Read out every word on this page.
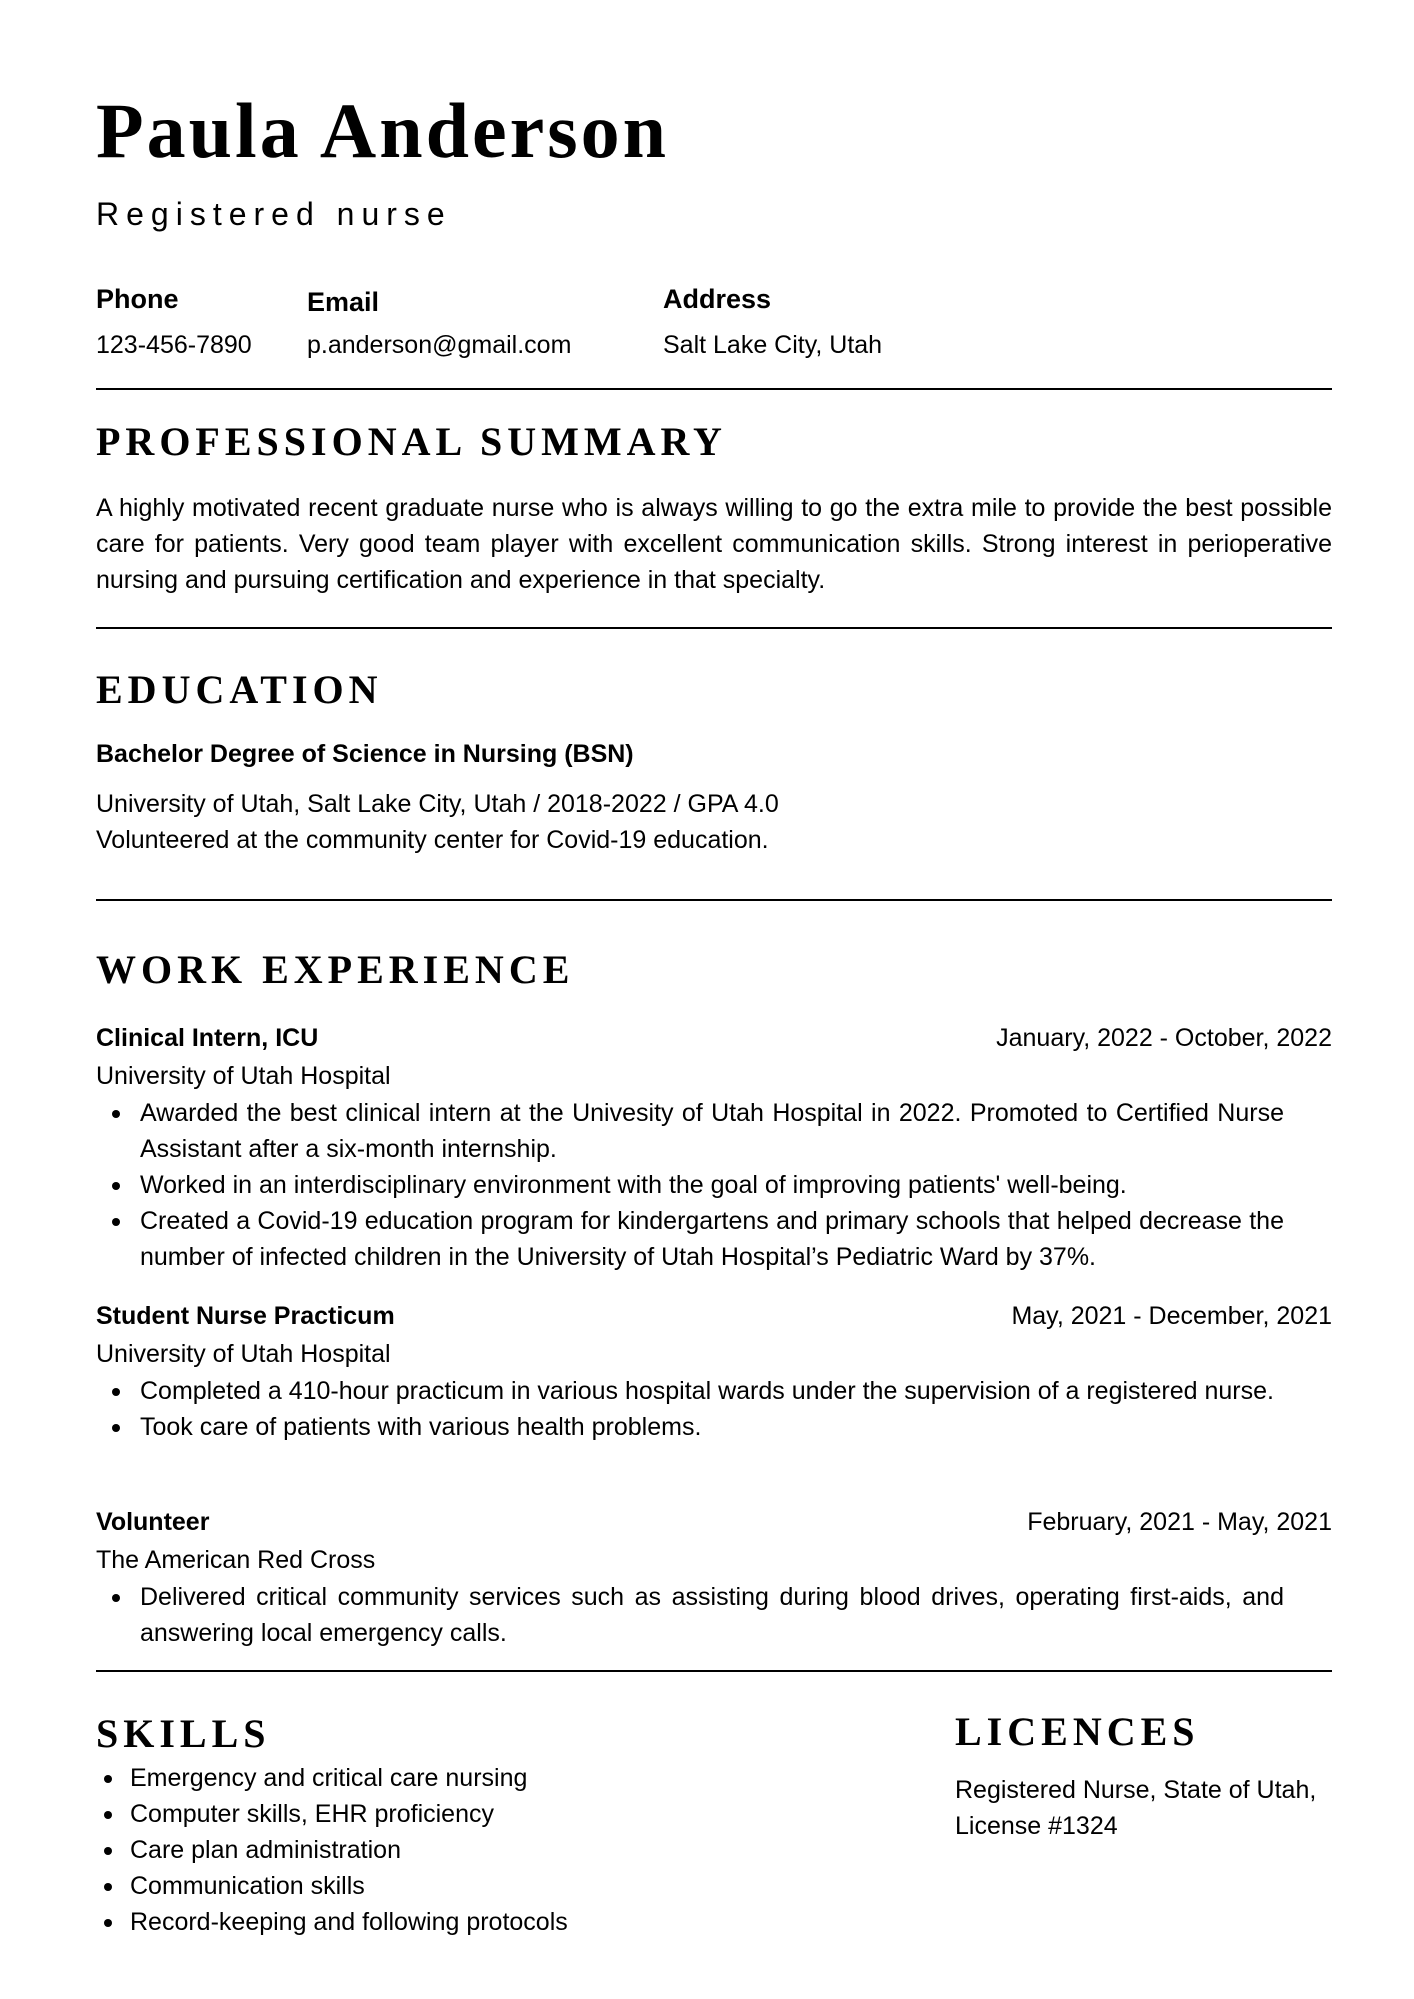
Paula Anderson
Registered nurse
Phone
123-456-7890
Email
p.anderson@gmail.com
Address
Salt Lake City, Utah
PROFESSIONAL SUMMARY
A highly motivated recent graduate nurse who is always willing to go the extra mile to provide the best possible care for patients. Very good team player with excellent communication skills. Strong interest in perioperative nursing and pursuing certification and experience in that specialty.
EDUCATION
Bachelor Degree of Science in Nursing (BSN)
University of Utah, Salt Lake City, Utah / 2018-2022 / GPA 4.0
Volunteered at the community center for Covid-19 education.
WORK EXPERIENCE
Clinical Intern, ICU	January, 2022 - October, 2022
University of Utah Hospital
Awarded the best clinical intern at the Univesity of Utah Hospital in 2022. Promoted to Certified Nurse Assistant after a six-month internship.
Worked in an interdisciplinary environment with the goal of improving patients' well-being.
Created a Covid-19 education program for kindergartens and primary schools that helped decrease the number of infected children in the University of Utah Hospital’s Pediatric Ward by 37%.
Student Nurse Practicum	May, 2021 - December, 2021
University of Utah Hospital
Completed a 410-hour practicum in various hospital wards under the supervision of a registered nurse.
Took care of patients with various health problems.
Volunteer	February, 2021 - May, 2021
The American Red Cross
Delivered critical community services such as assisting during blood drives, operating first-aids, and answering local emergency calls.
SKILLS
Emergency and critical care nursing
Computer skills, EHR proficiency
Care plan administration
Communication skills
Record-keeping and following protocols
LICENCES
Registered Nurse, State of Utah, License #1324
